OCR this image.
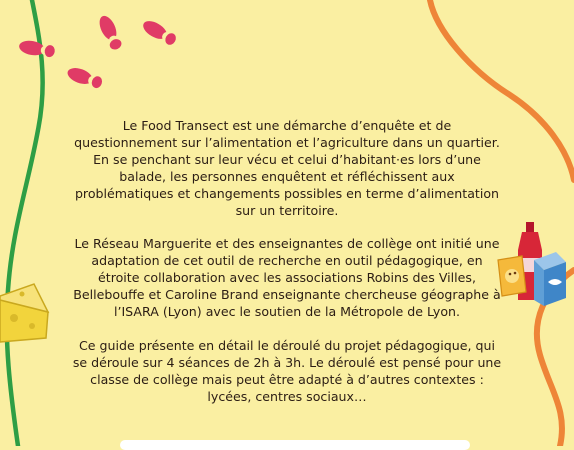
Le Food Transect est une démarche d’enquête et de questionnement sur l’alimentation et l’agriculture dans un quartier. En se penchant sur leur vécu et celui d’habitant·es lors d’une balade, les personnes enquêtent et réfléchissent aux problématiques et changements possibles en terme d’alimentation sur un territoire.

Le Réseau Marguerite et des enseignantes de collège ont initié une adaptation de cet outil de recherche en outil pédagogique, en étroite collaboration avec les associations Robins des Villes, Bellebouffe et Caroline Brand enseignante chercheuse géographe à l’ISARA (Lyon) avec le soutien de la Métropole de Lyon.

Ce guide présente en détail le déroulé du projet pédagogique, qui se déroule sur 4 séances de 2h à 3h. Le déroulé est pensé pour une classe de collège mais peut être adapté à d’autres contextes : lycées, centres sociaux…
